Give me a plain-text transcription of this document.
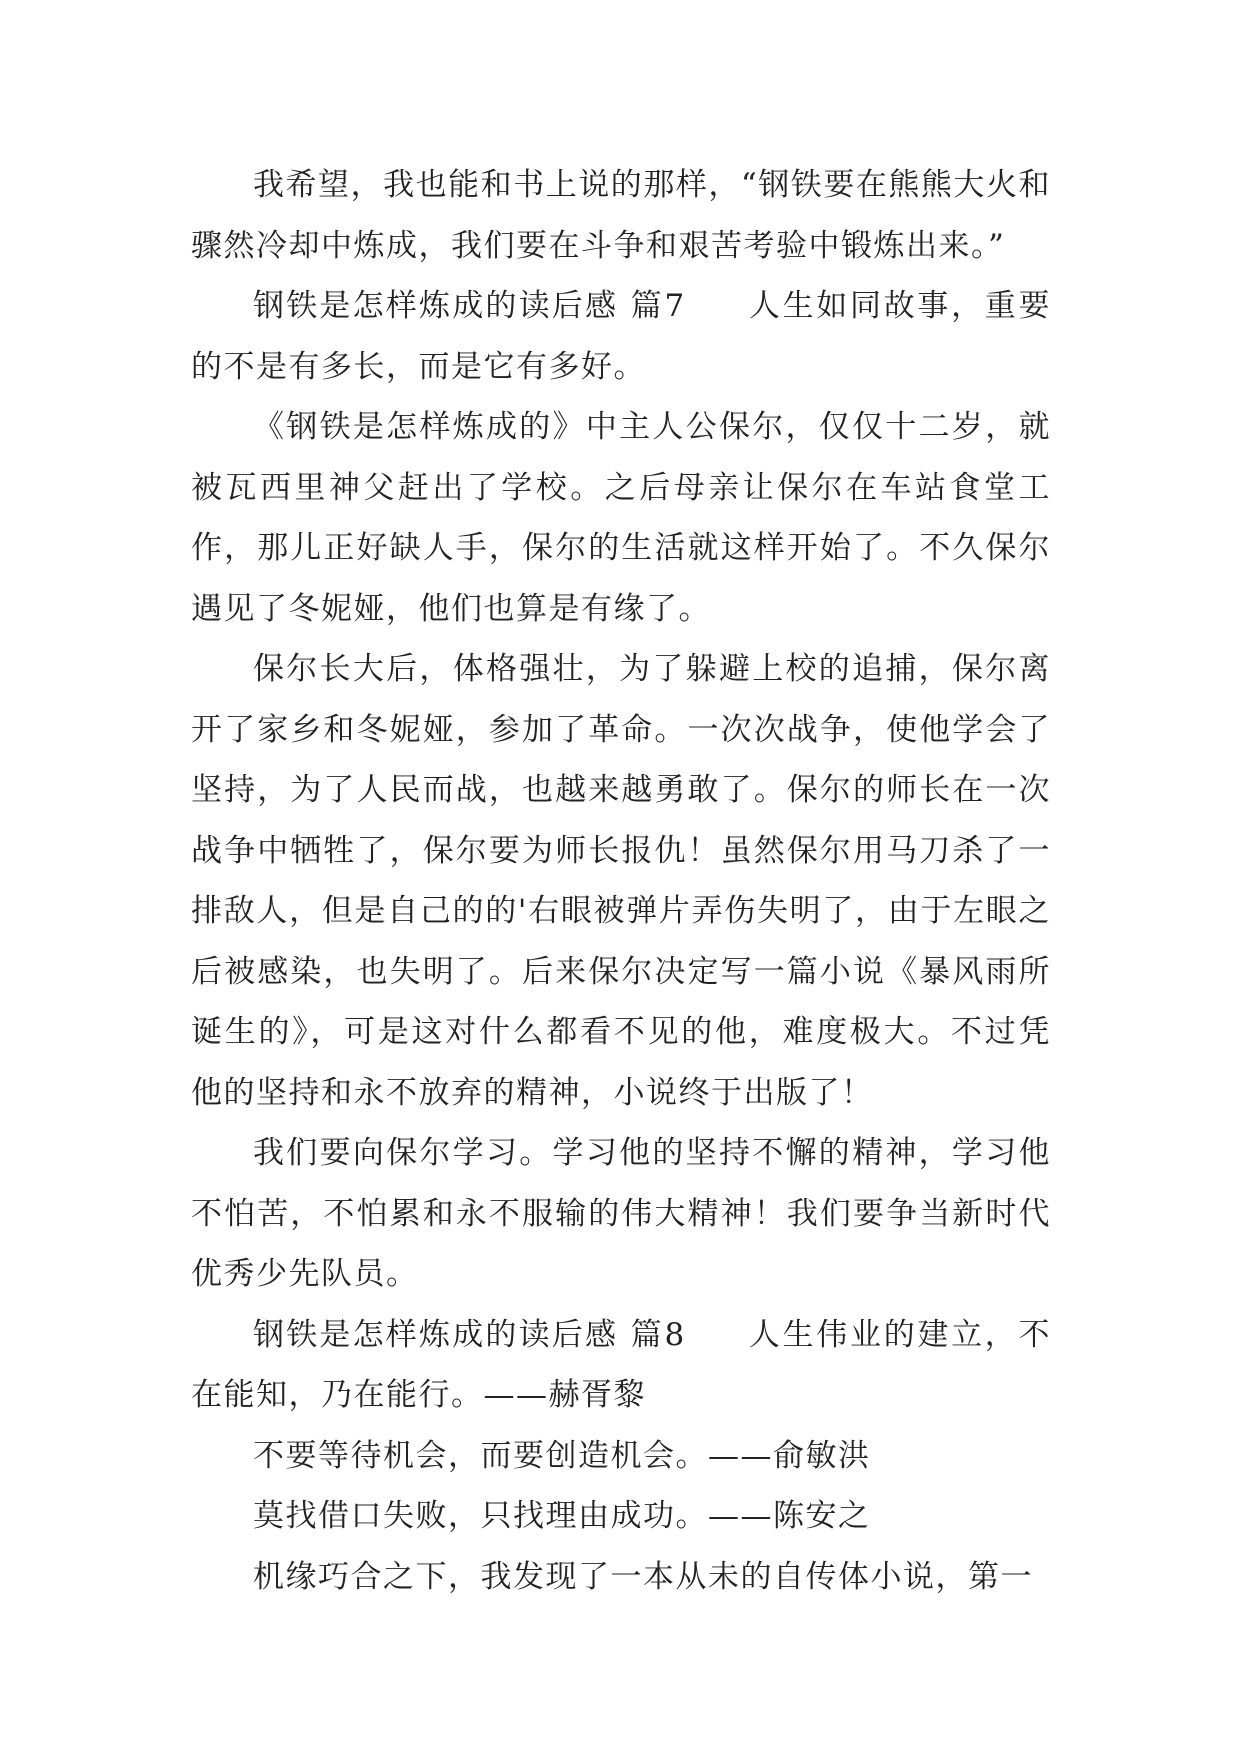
我希望，我也能和书上说的那样，“钢铁要在熊熊大火和骤然冷却中炼成，我们要在斗争和艰苦考验中锻炼出来。”

钢铁是怎样炼成的读后感 篇7 人生如同故事，重要的不是有多长，而是它有多好。

《钢铁是怎样炼成的》中主人公保尔，仅仅十二岁，就被瓦西里神父赶出了学校。之后母亲让保尔在车站食堂工作，那儿正好缺人手，保尔的生活就这样开始了。不久保尔遇见了冬妮娅，他们也算是有缘了。

保尔长大后，体格强壮，为了躲避上校的追捕，保尔离开了家乡和冬妮娅，参加了革命。一次次战争，使他学会了坚持，为了人民而战，也越来越勇敢了。保尔的师长在一次战争中牺牲了，保尔要为师长报仇！虽然保尔用马刀杀了一排敌人，但是自己的的'右眼被弹片弄伤失明了，由于左眼之后被感染，也失明了。后来保尔决定写一篇小说《暴风雨所诞生的》，可是这对什么都看不见的他，难度极大。不过凭他的坚持和永不放弃的精神，小说终于出版了！

我们要向保尔学习。学习他的坚持不懈的精神，学习他不怕苦，不怕累和永不服输的伟大精神！我们要争当新时代优秀少先队员。

钢铁是怎样炼成的读后感 篇8 人生伟业的建立，不在能知，乃在能行。——赫胥黎

不要等待机会，而要创造机会。——俞敏洪

莫找借口失败，只找理由成功。——陈安之

机缘巧合之下，我发现了一本从未的自传体小说，第一
